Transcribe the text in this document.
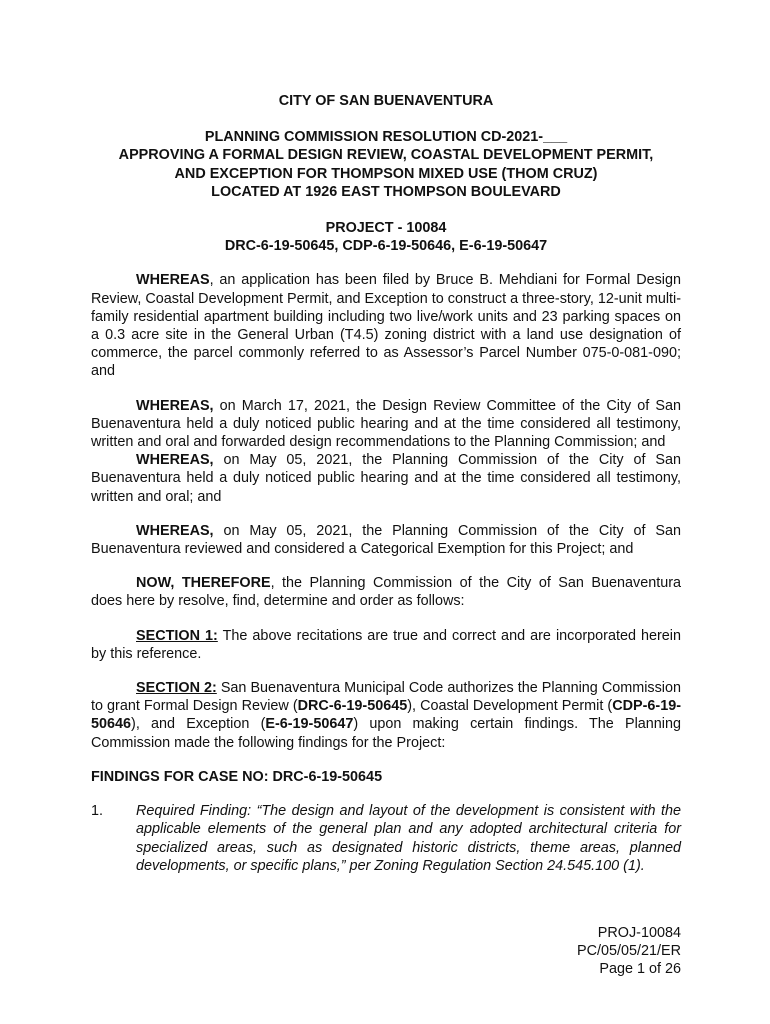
CITY OF SAN BUENAVENTURA
PLANNING COMMISSION RESOLUTION CD-2021-___
APPROVING A FORMAL DESIGN REVIEW, COASTAL DEVELOPMENT PERMIT,
AND EXCEPTION FOR THOMPSON MIXED USE (THOM CRUZ)
LOCATED AT 1926 EAST THOMPSON BOULEVARD
PROJECT - 10084
DRC-6-19-50645, CDP-6-19-50646, E-6-19-50647

WHEREAS, an application has been filed by Bruce B. Mehdiani for Formal Design Review, Coastal Development Permit, and Exception to construct a three-story, 12-unit multi-family residential apartment building including two live/work units and 23 parking spaces on a 0.3 acre site in the General Urban (T4.5) zoning district with a land use designation of commerce, the parcel commonly referred to as Assessor’s Parcel Number 075-0-081-090; and

WHEREAS, on March 17, 2021, the Design Review Committee of the City of San Buenaventura held a duly noticed public hearing and at the time considered all testimony, written and oral and forwarded design recommendations to the Planning Commission; and

WHEREAS, on May 05, 2021, the Planning Commission of the City of San Buenaventura held a duly noticed public hearing and at the time considered all testimony, written and oral; and

WHEREAS, on May 05, 2021, the Planning Commission of the City of San Buenaventura reviewed and considered a Categorical Exemption for this Project; and

NOW, THEREFORE, the Planning Commission of the City of San Buenaventura does here by resolve, find, determine and order as follows:

SECTION 1: The above recitations are true and correct and are incorporated herein by this reference.

SECTION 2: San Buenaventura Municipal Code authorizes the Planning Commission to grant Formal Design Review (DRC-6-19-50645), Coastal Development Permit (CDP-6-19-50646), and Exception (E-6-19-50647) upon making certain findings. The Planning Commission made the following findings for the Project:

FINDINGS FOR CASE NO: DRC-6-19-50645
1.	Required Finding: “The design and layout of the development is consistent with the applicable elements of the general plan and any adopted architectural criteria for specialized areas, such as designated historic districts, theme areas, planned developments, or specific plans,” per Zoning Regulation Section 24.545.100 (1).
PROJ-10084
PC/05/05/21/ER
Page 1 of 26
